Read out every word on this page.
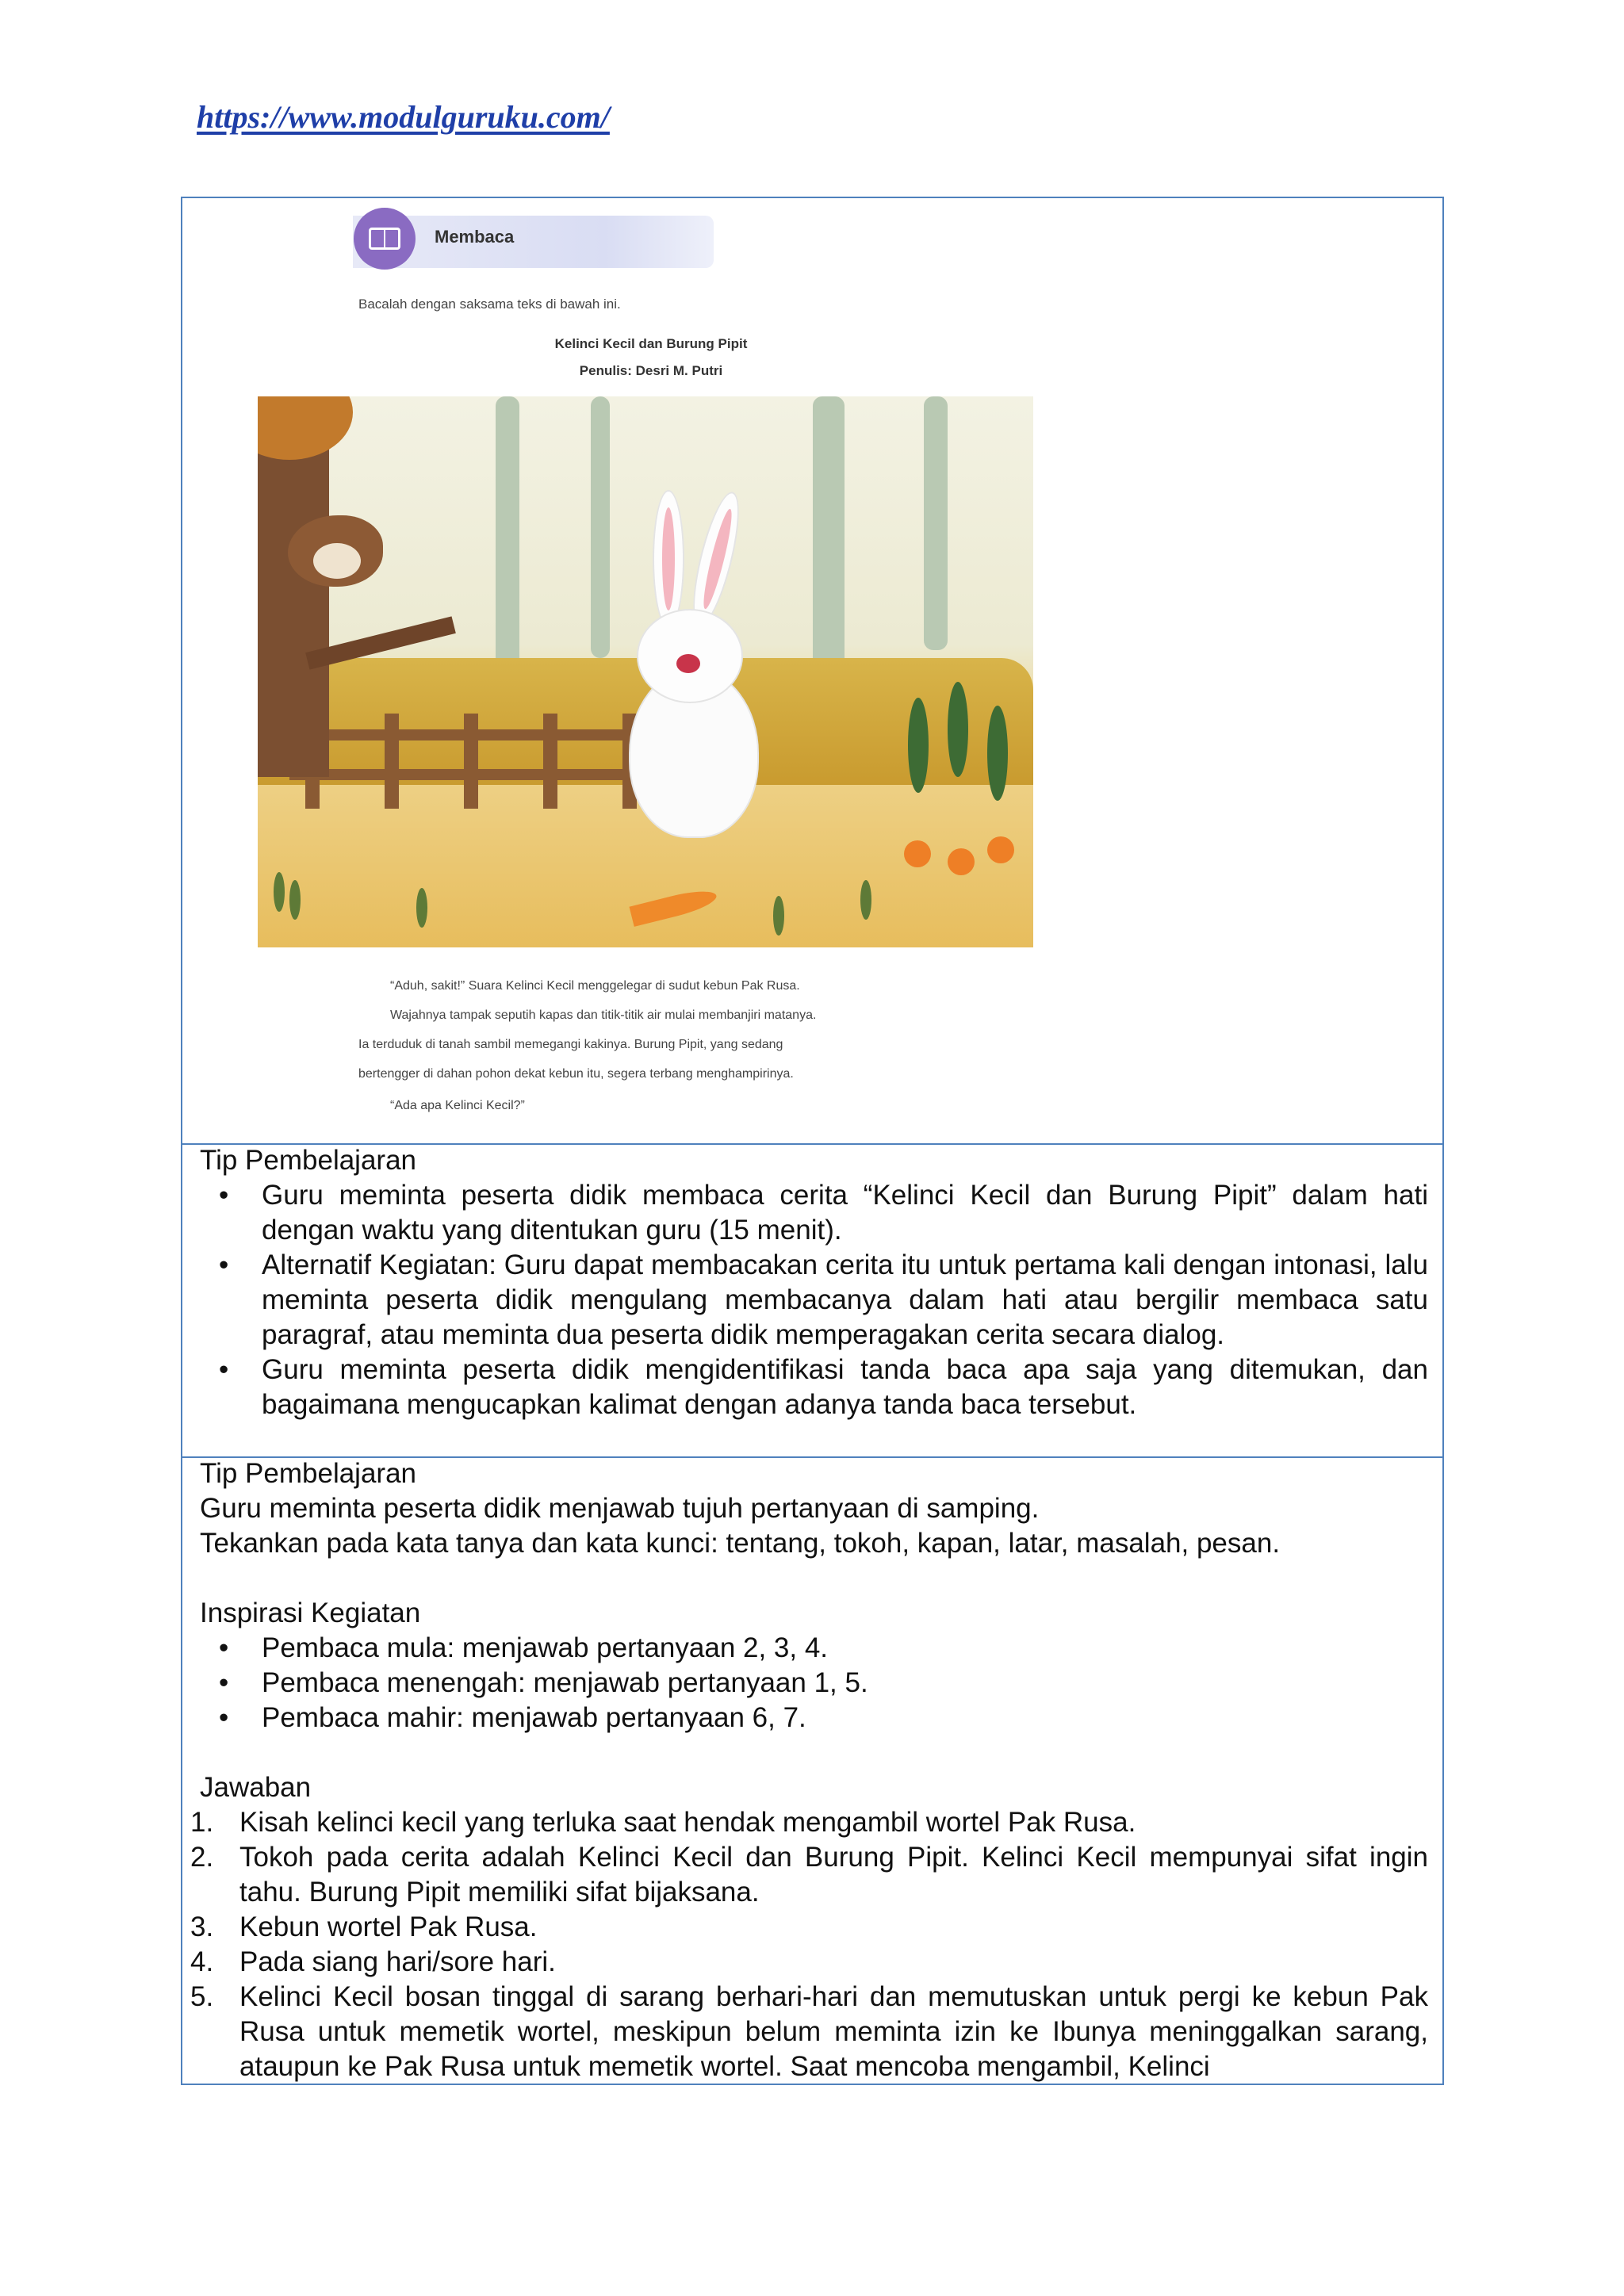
https://www.modulguruku.com/
Membaca
Bacalah dengan saksama teks di bawah ini.
Kelinci Kecil dan Burung Pipit
Penulis: Desri M. Putri
“Aduh, sakit!” Suara Kelinci Kecil menggelegar di sudut kebun Pak Rusa.
Wajahnya tampak seputih kapas dan titik-titik air mulai membanjiri matanya.
Ia terduduk di tanah sambil memegangi kakinya. Burung Pipit, yang sedang
bertengger di dahan pohon dekat kebun itu, segera terbang menghampirinya.
“Ada apa Kelinci Kecil?”
Tip Pembelajaran
• Guru meminta peserta didik membaca cerita “Kelinci Kecil dan Burung Pipit” dalam hati dengan waktu yang ditentukan guru (15 menit).
• Alternatif Kegiatan: Guru dapat membacakan cerita itu untuk pertama kali dengan intonasi, lalu meminta peserta didik mengulang membacanya dalam hati atau bergilir membaca satu paragraf, atau meminta dua peserta didik memperagakan cerita secara dialog.
• Guru meminta peserta didik mengidentifikasi tanda baca apa saja yang ditemukan, dan bagaimana mengucapkan kalimat dengan adanya tanda baca tersebut.

Tip Pembelajaran

Guru meminta peserta didik menjawab tujuh pertanyaan di samping.

Tekankan pada kata tanya dan kata kunci: tentang, tokoh, kapan, latar, masalah, pesan.

Inspirasi Kegiatan

• Pembaca mula: menjawab pertanyaan 2, 3, 4.
• Pembaca menengah: menjawab pertanyaan 1, 5.
• Pembaca mahir: menjawab pertanyaan 6, 7.

Jawaban

1. Kisah kelinci kecil yang terluka saat hendak mengambil wortel Pak Rusa.
2. Tokoh pada cerita adalah Kelinci Kecil dan Burung Pipit. Kelinci Kecil mempunyai sifat ingin tahu. Burung Pipit memiliki sifat bijaksana.
3. Kebun wortel Pak Rusa.
4. Pada siang hari/sore hari.
5. Kelinci Kecil bosan tinggal di sarang berhari-hari dan memutuskan untuk pergi ke kebun Pak Rusa untuk memetik wortel, meskipun belum meminta izin ke Ibunya meninggalkan sarang, ataupun ke Pak Rusa untuk memetik wortel. Saat mencoba mengambil, Kelinci
